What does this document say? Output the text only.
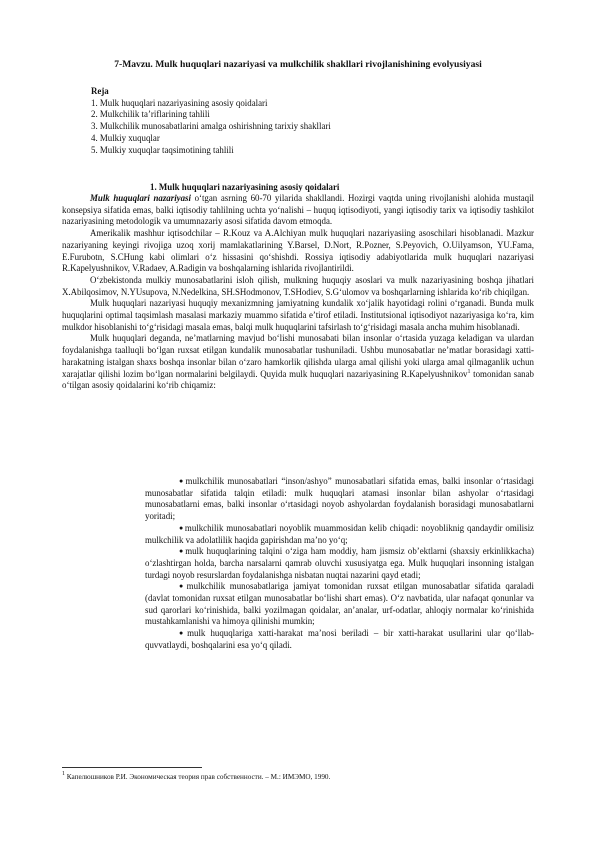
7-Mavzu. Mulk huquqlari nazariyasi va mulkchilik shakllari rivojlanishining evolyusiyasi
Reja
1. Mulk huquqlari nazariyasining asosiy qoidalari
2. Mulkchilik ta’riflarining tahlili
3. Mulkchilik munosabatlarini amalga oshirishning tarixiy shakllari
4. Mulkiy xuquqlar
5. Mulkiy xuquqlar taqsimotining tahlili
1. Mulk huquqlari nazariyasining asosiy qoidalari

Mulk huquqlari nazariyasi o‘tgan asrning 60-70 yilarida shakllandi. Hozirgi vaqtda uning rivojlanishi alohida mustaqil konsepsiya sifatida emas, balki iqtisodiy tahlilning uchta yo‘nalishi – huquq iqtisodiyoti, yangi iqtisodiy tarix va iqtisodiy tashkilot nazariyasining metodologik va umumnazariy asosi sifatida davom etmoqda.

Amerikalik mashhur iqtisodchilar – R.Kouz va A.Alchiyan mulk huquqlari nazariyasiing asoschilari hisoblanadi. Mazkur nazariyaning keyingi rivojiga uzoq xorij mamlakatlarining Y.Barsel, D.Nort, R.Pozner, S.Peyovich, O.Uilyamson, YU.Fama, E.Furubotn, S.CHung kabi olimlari o‘z hissasini qo‘shishdi. Rossiya iqtisodiy adabiyotlarida mulk huquqlari nazariyasi R.Kapelyushnikov, V.Radaev, A.Radigin va boshqalarning ishlarida rivojlantirildi.

O‘zbekistonda mulkiy munosabatlarini isloh qilish, mulkning huquqiy asoslari va mulk nazariyasining boshqa jihatlari X.Abilqosimov, N.YUsupova, N.Nedelkina, SH.SHodmonov, T.SHodiev, S.G‘ulomov va boshqarlarning ishlarida ko‘rib chiqilgan.

Mulk huquqlari nazariyasi huquqiy mexanizmning jamiyatning kundalik xo‘jalik hayotidagi rolini o‘rganadi. Bunda mulk huquqlarini optimal taqsimlash masalasi markaziy muammo sifatida e’tirof etiladi. Institutsional iqtisodiyot nazariyasiga ko‘ra, kim mulkdor hisoblanishi to‘g‘risidagi masala emas, balqi mulk huquqlarini tafsirlash to‘g‘risidagi masala ancha muhim hisoblanadi.

Mulk huquqlari deganda, ne’matlarning mavjud bo‘lishi munosabati bilan insonlar o‘rtasida yuzaga keladigan va ulardan foydalanishga taalluqli bo‘lgan ruxsat etilgan kundalik munosabatlar tushuniladi. Ushbu munosabatlar ne’matlar borasidagi xatti-harakatning istalgan shaxs boshqa insonlar bilan o‘zaro hamkorlik qilishda ularga amal qilishi yoki ularga amal qilmaganlik uchun xarajatlar qilishi lozim bo‘lgan normalarini belgilaydi. Quyida mulk huquqlari nazariyasining R.Kapelyushnikov$^1$ tomonidan sanab o‘tilgan asosiy qoidalarini ko‘rib chiqamiz:

●mulkchilik munosabatlari “inson/ashyo” munosabatlari sifatida emas, balki insonlar o‘rtasidagi munosabatlar sifatida talqin etiladi: mulk huquqlari atamasi insonlar bilan ashyolar o‘rtasidagi munosabatlarni emas, balki insonlar o‘rtasidagi noyob ashyolardan foydalanish borasidagi munosabatlarni yoritadi;

●mulkchilik munosabatlari noyoblik muammosidan kelib chiqadi: noyobliknig qandaydir omilisiz mulkchilik va adolatlilik haqida gapirishdan ma’no yo‘q;

●mulk huquqlarining talqini o‘ziga ham moddiy, ham jismsiz ob’ektlarni (shaxsiy erkinlikkacha) o‘zlashtirgan holda, barcha narsalarni qamrab oluvchi xususiyatga ega. Mulk huquqlari insonning istalgan turdagi noyob resurslardan foydalanishga nisbatan nuqtai nazarini qayd etadi;

●mulkchilik munosabatlariga jamiyat tomonidan ruxsat etilgan munosabatlar sifatida qaraladi (davlat tomonidan ruxsat etilgan munosabatlar bo‘lishi shart emas). O‘z navbatida, ular nafaqat qonunlar va sud qarorlari ko‘rinishida, balki yozilmagan qoidalar, an’analar, urf-odatlar, ahloqiy normalar ko‘rinishida mustahkamlanishi va himoya qilinishi mumkin;

●mulk huquqlariga xatti-harakat ma’nosi beriladi – bir xatti-harakat usullarini ular qo‘llab-quvvatlaydi, boshqalarini esa yo‘q qiladi.

$^1$ Капелюшников Р.И. Экономическая теория прав собственности. – М.: ИМЭМО, 1990.
